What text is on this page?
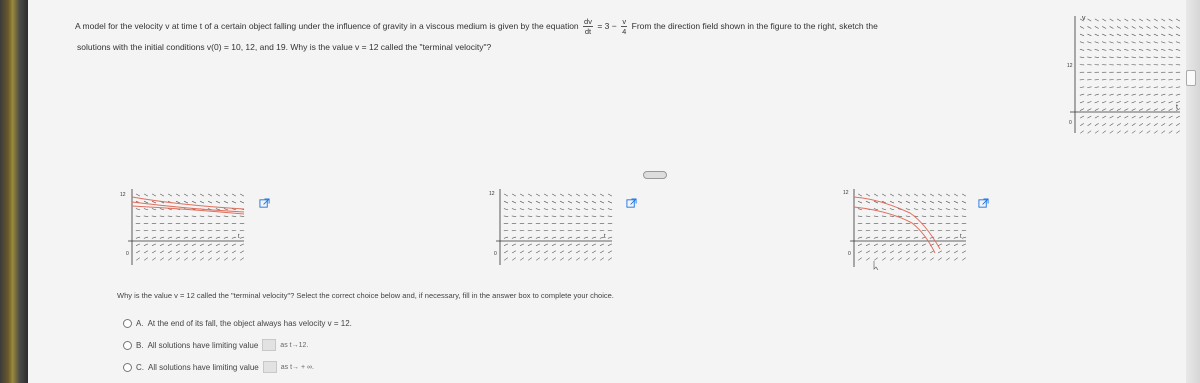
A model for the velocity v at time t of a certain object falling under the influence of gravity in a viscous medium is given by the equation $\frac{dv}{dt} = 3 - \frac{v}{4}$ From the direction field shown in the figure to the right, sketch the
solutions with the initial conditions v(0) = 10, 12, and 19. Why is the value v = 12 called the "terminal velocity"?
v
t
12
0
12
t
0
12
t
0
12
t
0
Why is the value v = 12 called the "terminal velocity"? Select the correct choice below and, if necessary, fill in the answer box to complete your choice.
A. At the end of its fall, the object always has velocity v = 12.
B. All solutions have limiting value	as t→12.
C. All solutions have limiting value	as t→ + ∞.
